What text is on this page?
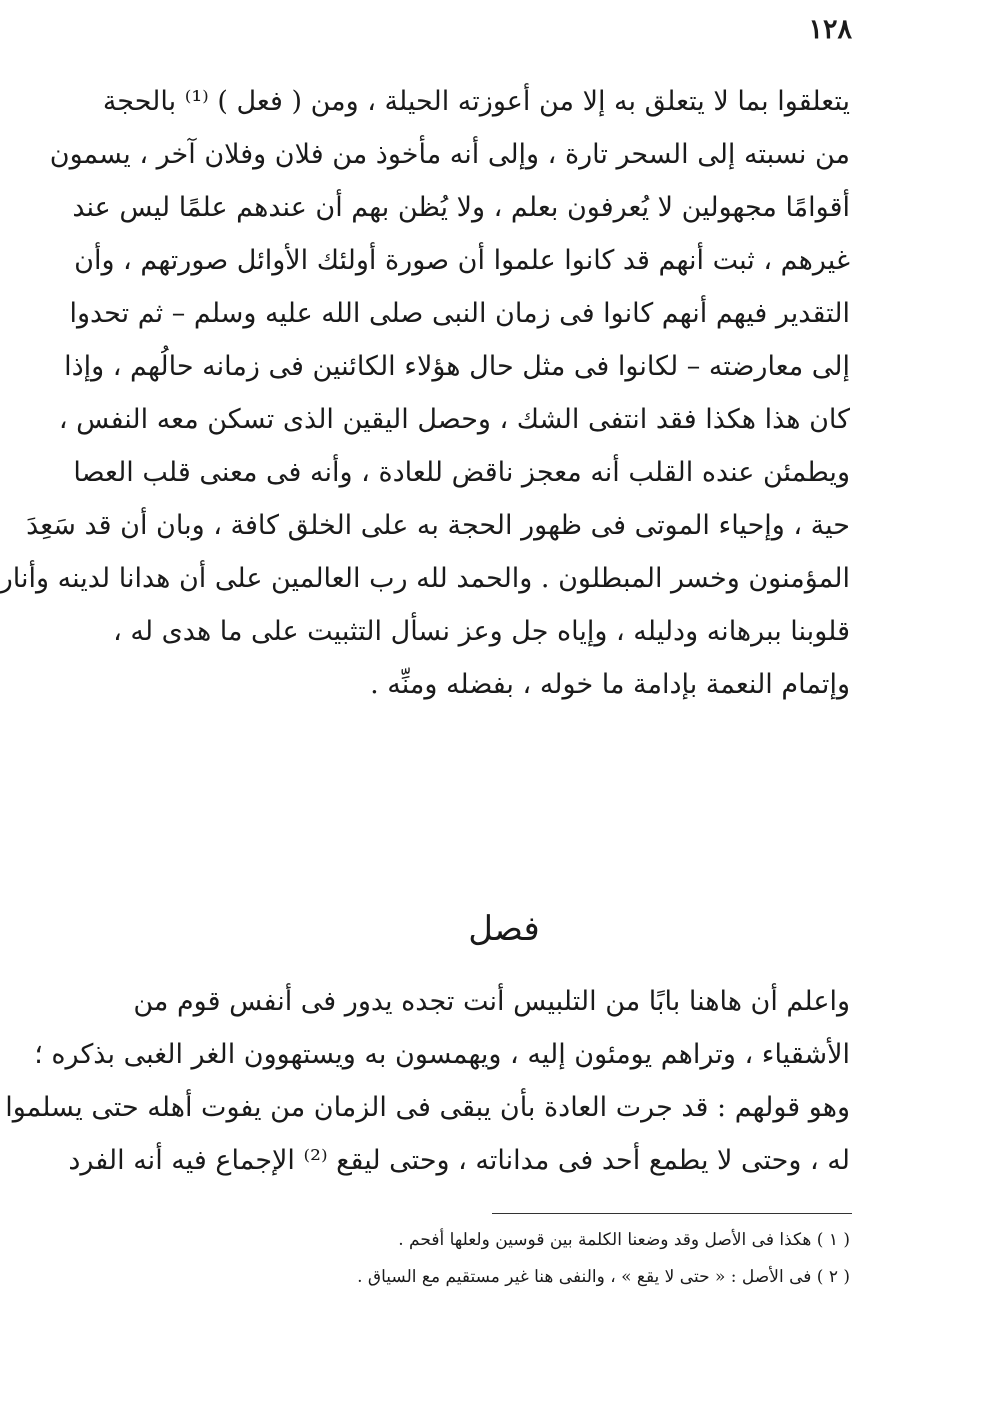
١٢٨

يتعلقوا بما لا يتعلق به إلا من أعوزته الحيلة ، ومن ( فعل ) ⁽¹⁾ بالحجة

من نسبته إلى السحر تارة ، وإلى أنه مأخوذ من فلان وفلان آخر ، يسمون

أقوامًا مجهولين لا يُعرفون بعلم ، ولا يُظن بهم أن عندهم علمًا ليس عند

غيرهم ، ثبت أنهم قد كانوا علموا أن صورة أولئك الأوائل صورتهم ، وأن

التقدير فيهم أنهم كانوا فى زمان النبى صلى الله عليه وسلم – ثم تحدوا

إلى معارضته – لكانوا فى مثل حال هؤلاء الكائنين فى زمانه حالُهم ، وإذا

كان هذا هكذا فقد انتفى الشك ، وحصل اليقين الذى تسكن معه النفس ،

ويطمئن عنده القلب أنه معجز ناقض للعادة ، وأنه فى معنى قلب العصا

حية ، وإحياء الموتى فى ظهور الحجة به على الخلق كافة ، وبان أن قد سَعِدَ

المؤمنون وخسر المبطلون . والحمد لله رب العالمين على أن هدانا لدينه وأنار

قلوبنا ببرهانه ودليله ، وإياه جل وعز نسأل التثبيت على ما هدى له ،

وإتمام النعمة بإدامة ما خوله ، بفضله ومنِّه .

فصل

واعلم أن هاهنا بابًا من التلبيس أنت تجده يدور فى أنفس قوم من

الأشقياء ، وتراهم يومئون إليه ، ويهمسون به ويستهوون الغر الغبى بذكره ؛

وهو قولهم : قد جرت العادة بأن يبقى فى الزمان من يفوت أهله حتى يسلموا

له ، وحتى لا يطمع أحد فى مداناته ، وحتى ليقع ⁽²⁾ الإجماع فيه أنه الفرد

( ١ ) هكذا فى الأصل وقد وضعنا الكلمة بين قوسين ولعلها أفحم .
( ٢ ) فى الأصل : « حتى لا يقع » ، والنفى هنا غير مستقيم مع السياق .
